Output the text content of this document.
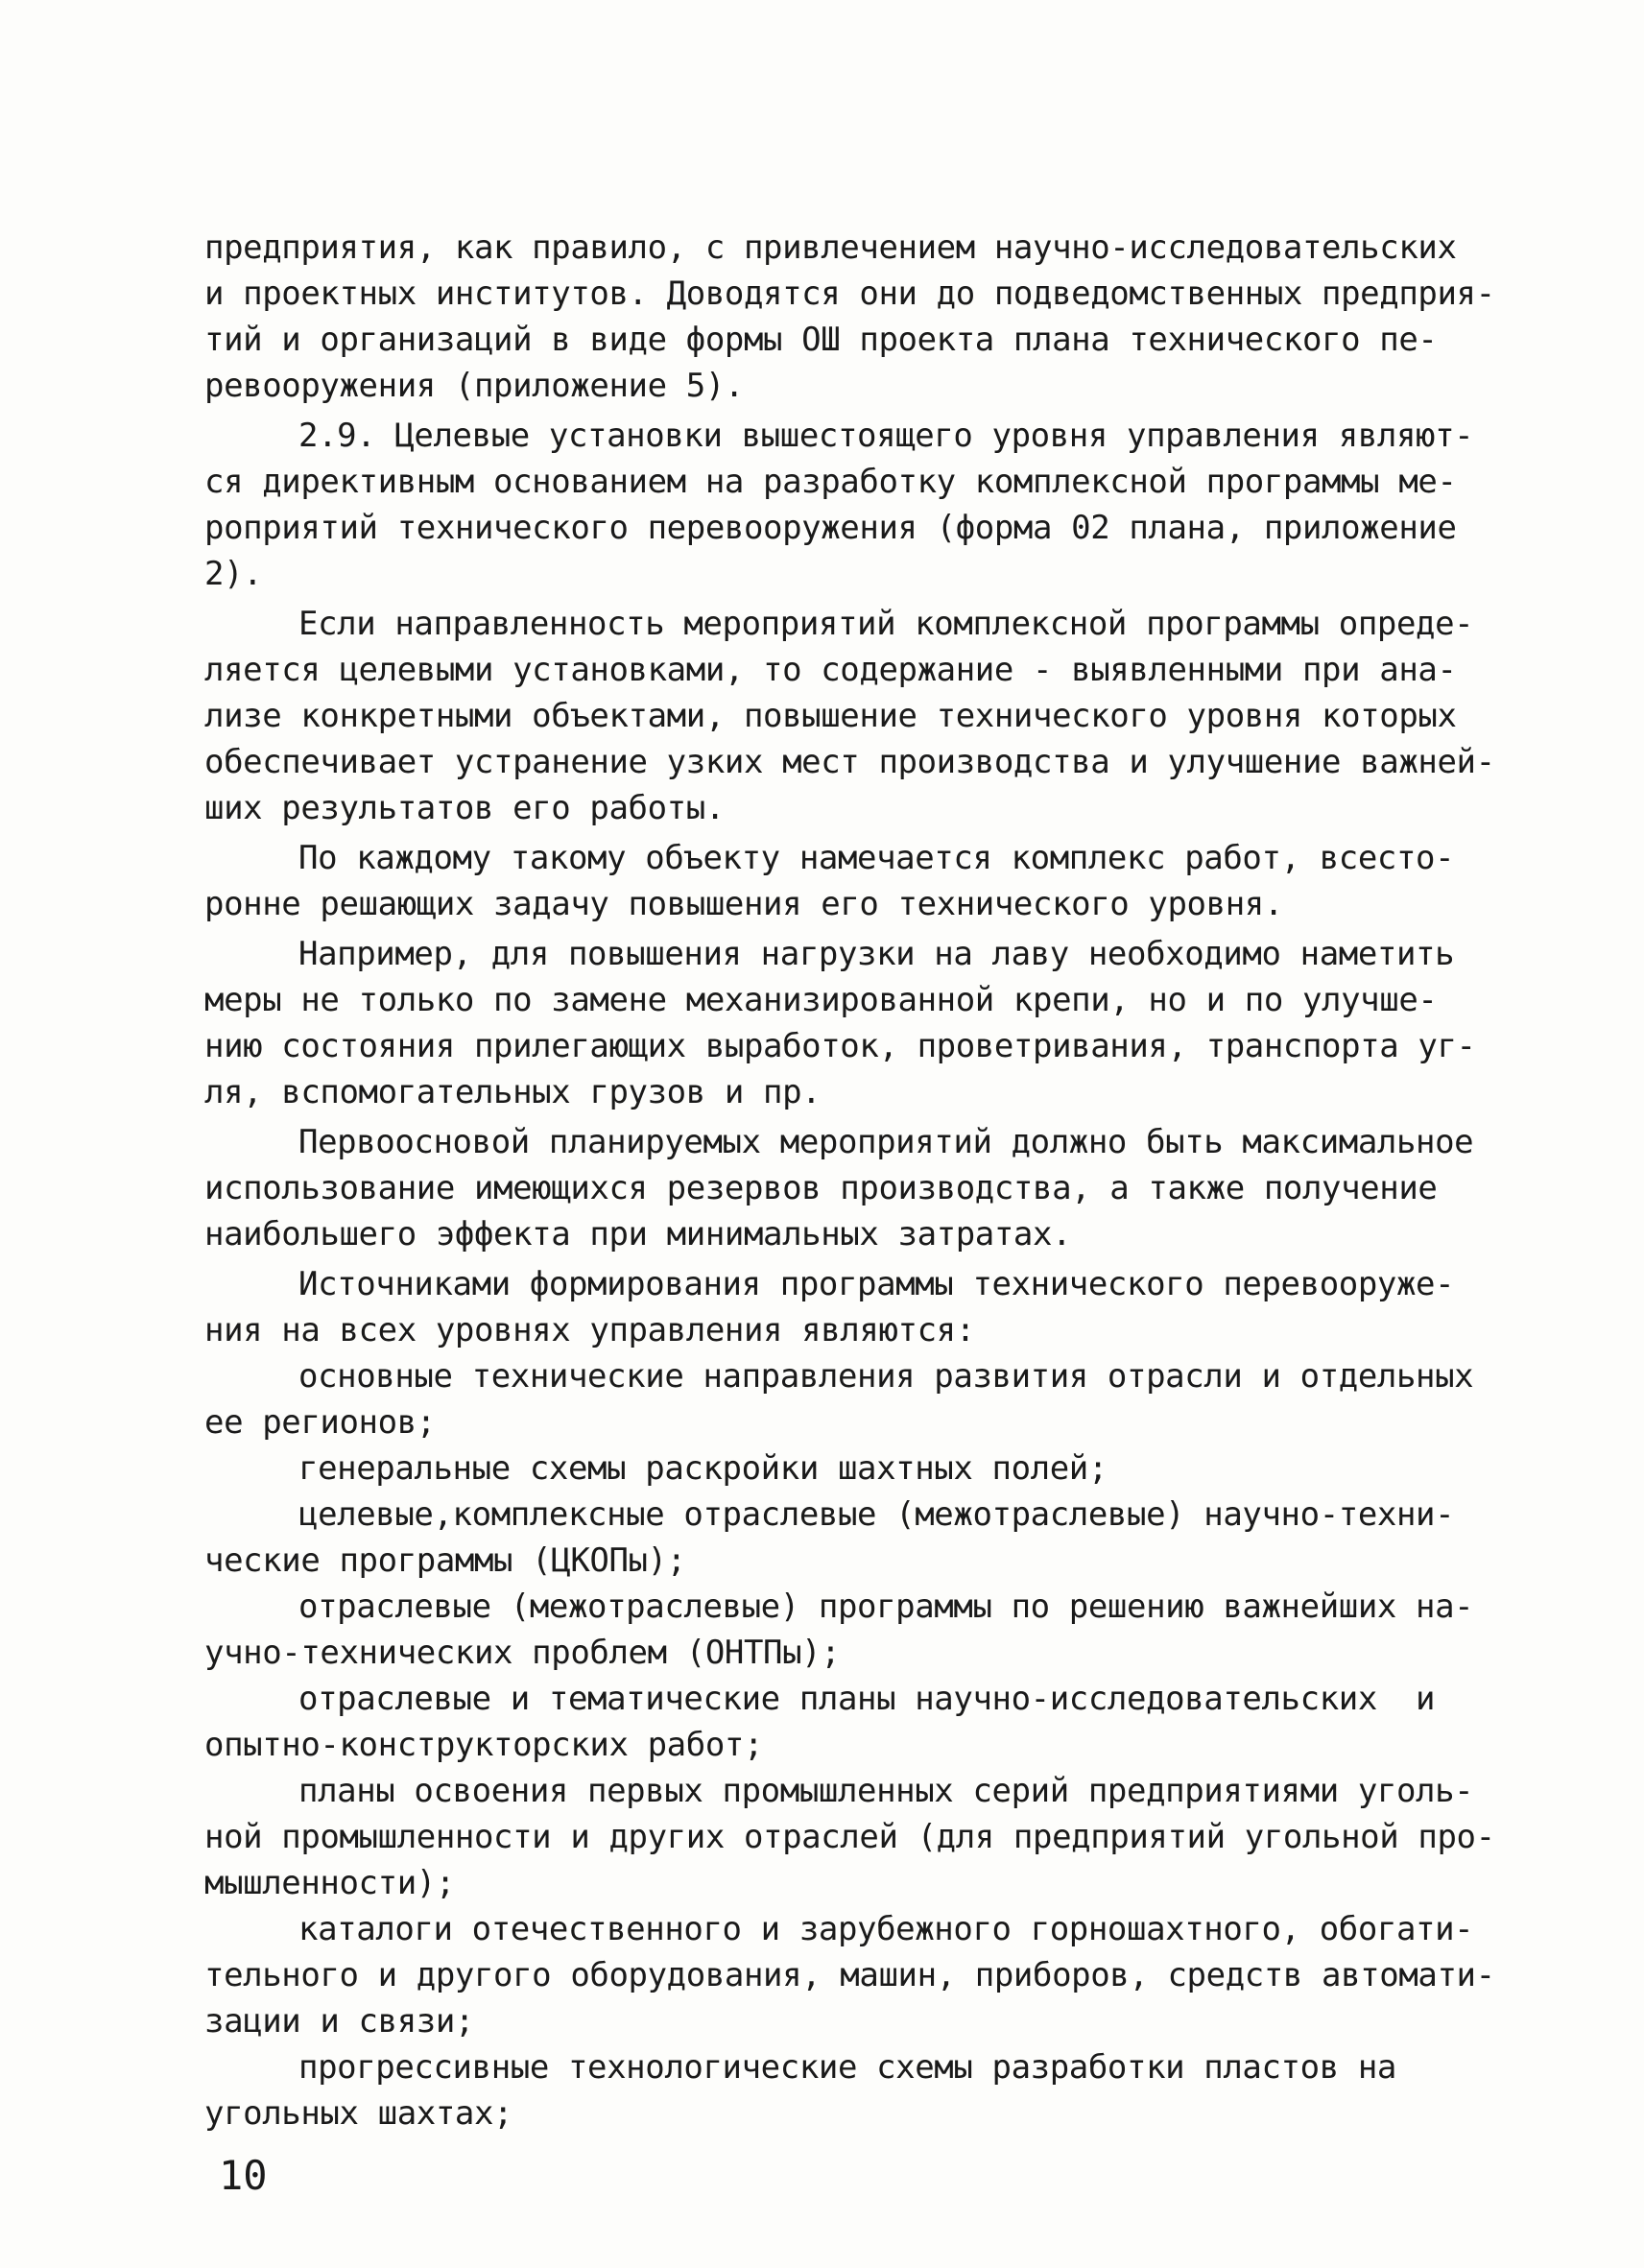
предприятия, как правило, с привлечением научно-исследовательских
и проектных институтов. Доводятся они до подведомственных предприя-
тий и организаций в виде формы ОШ проекта плана технического пе-
ревооружения (приложение 5).
2.9. Целевые установки вышестоящего уровня управления являют-
ся директивным основанием на разработку комплексной программы ме-
роприятий технического перевооружения (форма 02 плана, приложение
2).
Если направленность мероприятий комплексной программы опреде-
ляется целевыми установками, то содержание - выявленными при ана-
лизе конкретными объектами, повышение технического уровня которых
обеспечивает устранение узких мест производства и улучшение важней-
ших результатов его работы.
По каждому такому объекту намечается комплекс работ, всесто-
ронне решающих задачу повышения его технического уровня.
Например, для повышения нагрузки на лаву необходимо наметить
меры не только по замене механизированной крепи, но и по улучше-
нию состояния прилегающих выработок, проветривания, транспорта уг-
ля, вспомогательных грузов и пр.
Первоосновой планируемых мероприятий должно быть максимальное
использование имеющихся резервов производства, а также получение
наибольшего эффекта при минимальных затратах.
Источниками формирования программы технического перевооруже-
ния на всех уровнях управления являются:
основные технические направления развития отрасли и отдельных
ее регионов;
генеральные схемы раскройки шахтных полей;
целевые,комплексные отраслевые (межотраслевые) научно-техни-
ческие программы (ЦКОПы);
отраслевые (межотраслевые) программы по решению важнейших на-
учно-технических проблем (ОНТПы);
отраслевые и тематические планы научно-исследовательских  и
опытно-конструкторских работ;
планы освоения первых промышленных серий предприятиями уголь-
ной промышленности и других отраслей (для предприятий угольной про-
мышленности);
каталоги отечественного и зарубежного горношахтного, обогати-
тельного и другого оборудования, машин, приборов, средств автомати-
зации и связи;
прогрессивные технологические схемы разработки пластов на
угольных шахтах;
10
